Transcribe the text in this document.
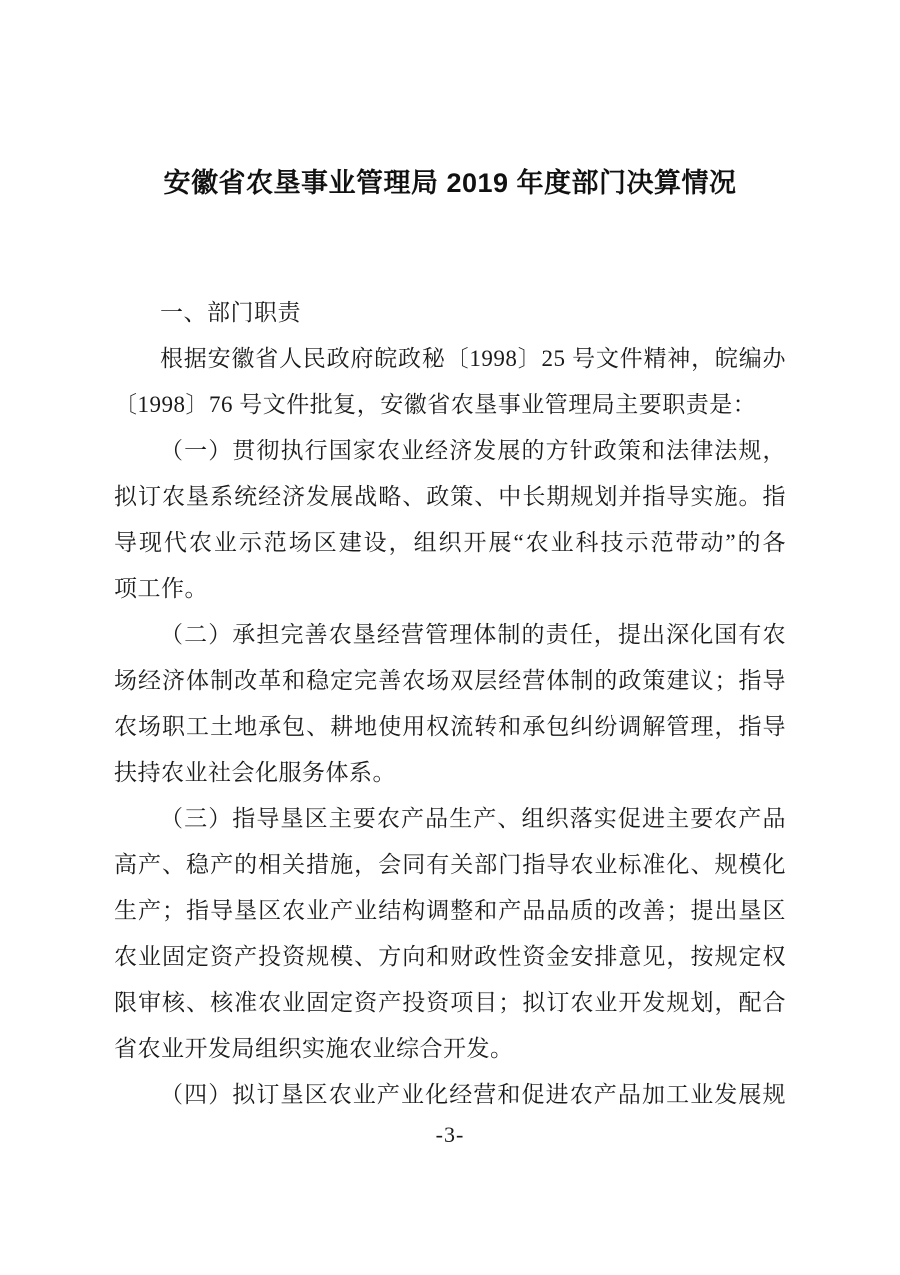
安徽省农垦事业管理局 2019 年度部门决算情况
一、部门职责
根据安徽省人民政府皖政秘〔1998〕25 号文件精神，皖编办
〔1998〕76 号文件批复，安徽省农垦事业管理局主要职责是：
（一）贯彻执行国家农业经济发展的方针政策和法律法规，
拟订农垦系统经济发展战略、政策、中长期规划并指导实施。指
导现代农业示范场区建设，组织开展“农业科技示范带动”的各
项工作。
（二）承担完善农垦经营管理体制的责任，提出深化国有农
场经济体制改革和稳定完善农场双层经营体制的政策建议；指导
农场职工土地承包、耕地使用权流转和承包纠纷调解管理，指导
扶持农业社会化服务体系。
（三）指导垦区主要农产品生产、组织落实促进主要农产品
高产、稳产的相关措施，会同有关部门指导农业标准化、规模化
生产；指导垦区农业产业结构调整和产品品质的改善；提出垦区
农业固定资产投资规模、方向和财政性资金安排意见，按规定权
限审核、核准农业固定资产投资项目；拟订农业开发规划，配合
省农业开发局组织实施农业综合开发。
（四）拟订垦区农业产业化经营和促进农产品加工业发展规
-3-
